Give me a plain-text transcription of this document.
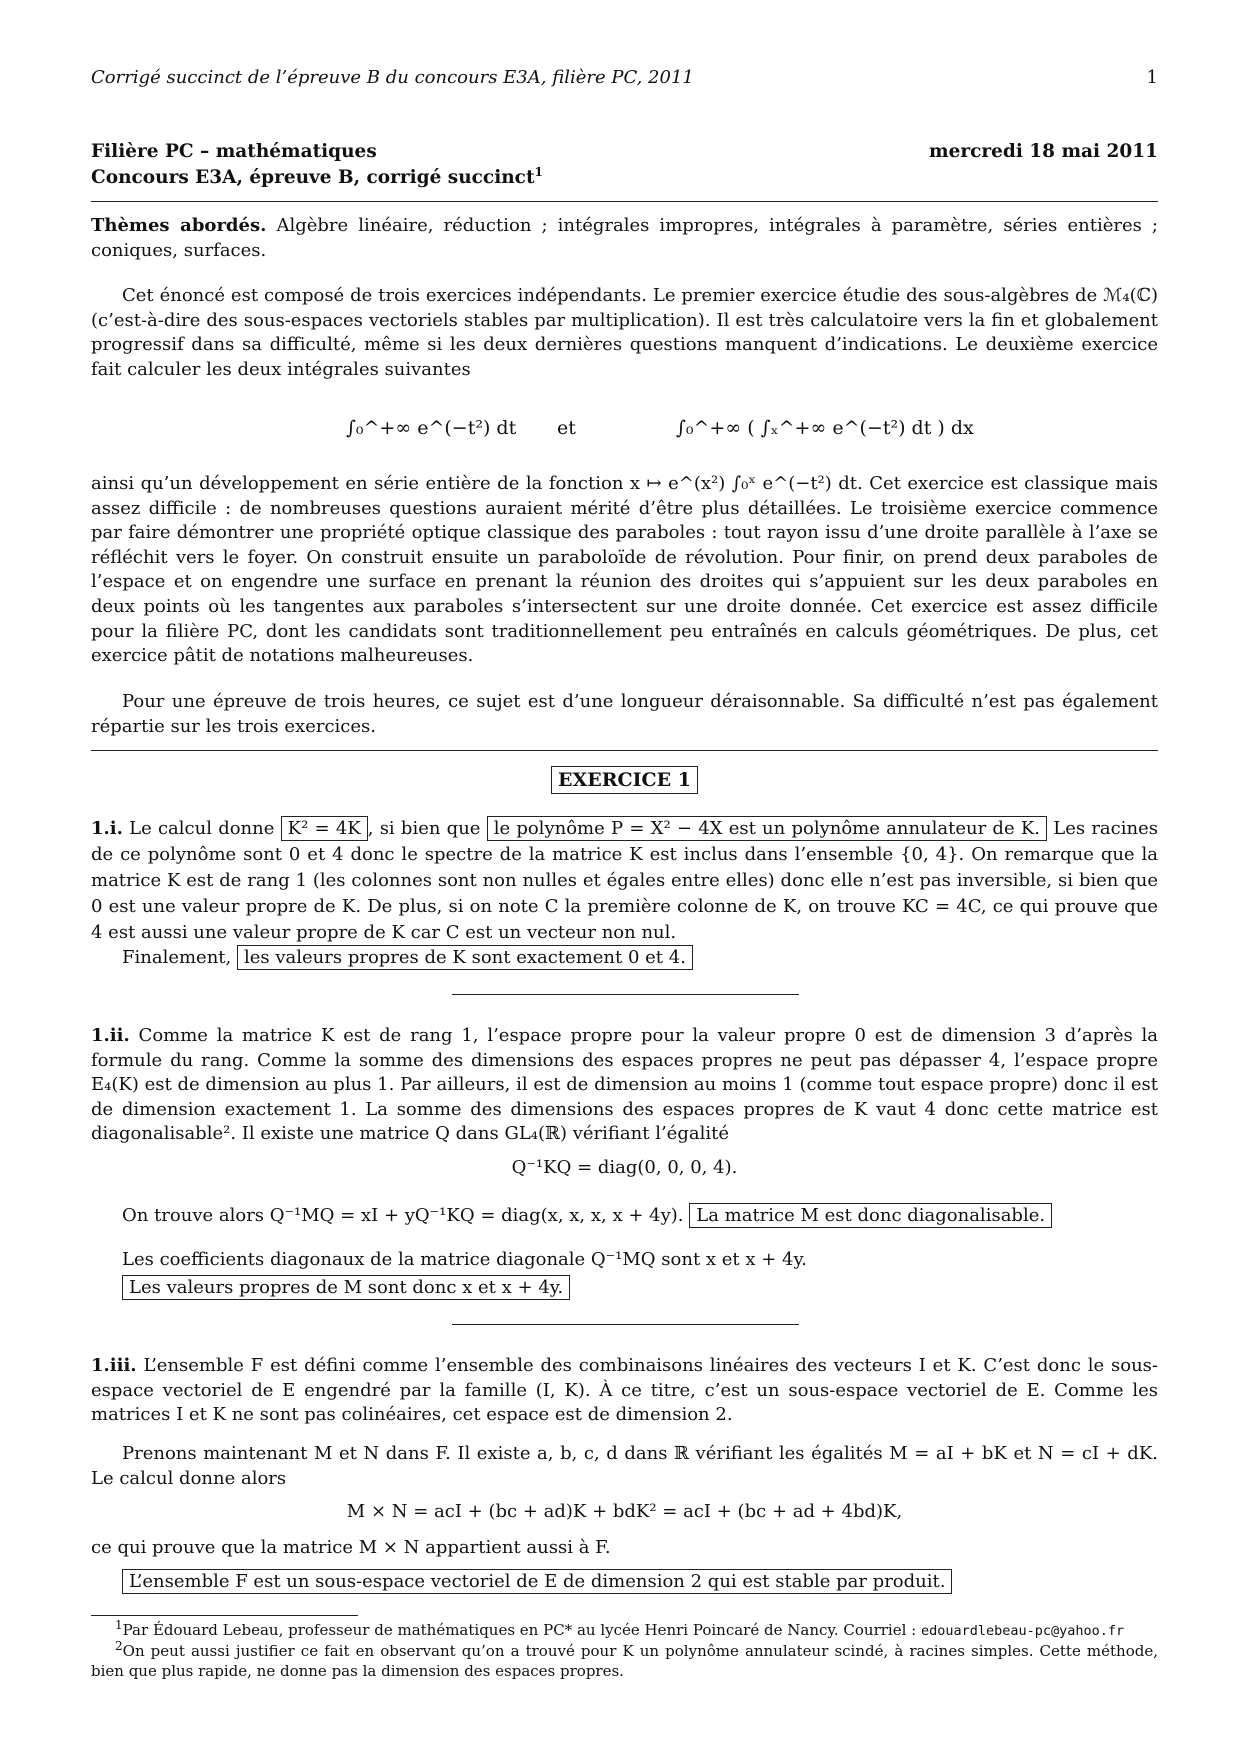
Corrigé succinct de l’épreuve B du concours E3A, filière PC, 2011	1
Filière PC – mathématiques
Concours E3A, épreuve B, corrigé succinct$^1$
mercredi 18 mai 2011
Thèmes abordés. Algèbre linéaire, réduction ; intégrales impropres, intégrales à paramètre, séries entières ; coniques, surfaces.
Cet énoncé est composé de trois exercices indépendants. Le premier exercice étudie des sous-algèbres de ℳ₄(ℂ) (c’est-à-dire des sous-espaces vectoriels stables par multiplication). Il est très calculatoire vers la fin et globalement progressif dans sa difficulté, même si les deux dernières questions manquent d’indications. Le deuxième exercice fait calculer les deux intégrales suivantes
∫₀^+∞ e^(−t²) dt et	∫₀^+∞ ( ∫ₓ^+∞ e^(−t²) dt ) dx
ainsi qu’un développement en série entière de la fonction x ↦ e^(x²) ∫₀ˣ e^(−t²) dt. Cet exercice est classique mais assez difficile : de nombreuses questions auraient mérité d’être plus détaillées. Le troisième exercice commence par faire démontrer une propriété optique classique des paraboles : tout rayon issu d’une droite parallèle à l’axe se réfléchit vers le foyer. On construit ensuite un paraboloïde de révolution. Pour finir, on prend deux paraboles de l’espace et on engendre une surface en prenant la réunion des droites qui s’appuient sur les deux paraboles en deux points où les tangentes aux paraboles s’intersectent sur une droite donnée. Cet exercice est assez difficile pour la filière PC, dont les candidats sont traditionnellement peu entraînés en calculs géométriques. De plus, cet exercice pâtit de notations malheureuses.
Pour une épreuve de trois heures, ce sujet est d’une longueur déraisonnable. Sa difficulté n’est pas également répartie sur les trois exercices.
EXERCICE 1
1.i. Le calcul donne K² = 4K , si bien que le polynôme P = X² − 4X est un polynôme annulateur de K. Les racines de ce polynôme sont 0 et 4 donc le spectre de la matrice K est inclus dans l’ensemble {0, 4}. On remarque que la matrice K est de rang 1 (les colonnes sont non nulles et égales entre elles) donc elle n’est pas inversible, si bien que 0 est une valeur propre de K. De plus, si on note C la première colonne de K, on trouve KC = 4C, ce qui prouve que 4 est aussi une valeur propre de K car C est un vecteur non nul.
Finalement, les valeurs propres de K sont exactement 0 et 4.
1.ii. Comme la matrice K est de rang 1, l’espace propre pour la valeur propre 0 est de dimension 3 d’après la formule du rang. Comme la somme des dimensions des espaces propres ne peut pas dépasser 4, l’espace propre E₄(K) est de dimension au plus 1. Par ailleurs, il est de dimension au moins 1 (comme tout espace propre) donc il est de dimension exactement 1. La somme des dimensions des espaces propres de K vaut 4 donc cette matrice est diagonalisable². Il existe une matrice Q dans GL₄(ℝ) vérifiant l’égalité
Q⁻¹KQ = diag(0, 0, 0, 4).
On trouve alors Q⁻¹MQ = xI + yQ⁻¹KQ = diag(x, x, x, x + 4y). La matrice M est donc diagonalisable.
Les coefficients diagonaux de la matrice diagonale Q⁻¹MQ sont x et x + 4y.
Les valeurs propres de M sont donc x et x + 4y.
1.iii. L’ensemble F est défini comme l’ensemble des combinaisons linéaires des vecteurs I et K. C’est donc le sous-espace vectoriel de E engendré par la famille (I, K). À ce titre, c’est un sous-espace vectoriel de E. Comme les matrices I et K ne sont pas colinéaires, cet espace est de dimension 2.
Prenons maintenant M et N dans F. Il existe a, b, c, d dans ℝ vérifiant les égalités M = aI + bK et N = cI + dK. Le calcul donne alors
M × N = acI + (bc + ad)K + bdK² = acI + (bc + ad + 4bd)K,
ce qui prouve que la matrice M × N appartient aussi à F.
L’ensemble F est un sous-espace vectoriel de E de dimension 2 qui est stable par produit.
$^1$Par Édouard Lebeau, professeur de mathématiques en PC* au lycée Henri Poincaré de Nancy. Courriel : edouardlebeau-pc@yahoo.fr
$^2$On peut aussi justifier ce fait en observant qu’on a trouvé pour K un polynôme annulateur scindé, à racines simples. Cette méthode, bien que plus rapide, ne donne pas la dimension des espaces propres.
